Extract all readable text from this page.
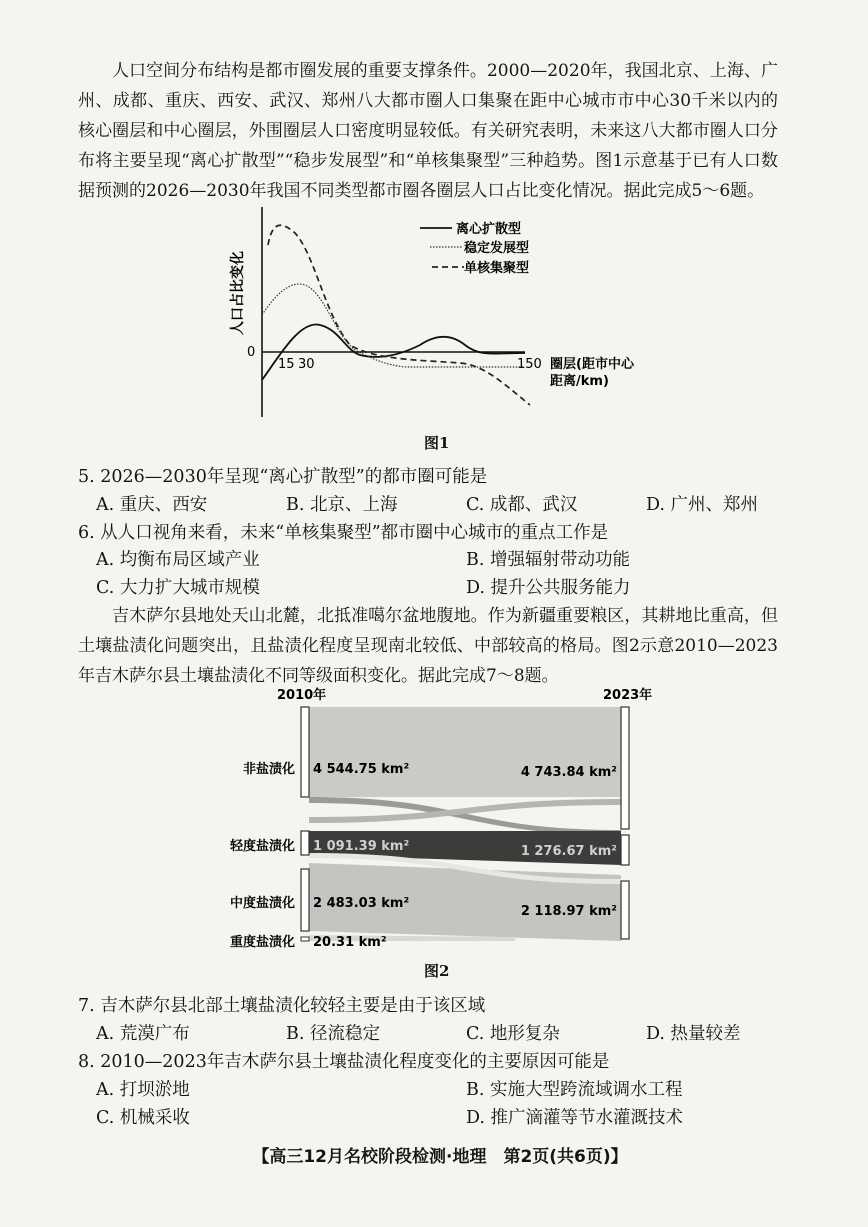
人口空间分布结构是都市圈发展的重要支撑条件。2000—2020年，我国北京、上海、广州、成都、重庆、西安、武汉、郑州八大都市圈人口集聚在距中心城市市中心30千米以内的核心圈层和中心圈层，外围圈层人口密度明显较低。有关研究表明，未来这八大都市圈人口分布将主要呈现“离心扩散型”“稳步发展型”和“单核集聚型”三种趋势。图1示意基于已有人口数据预测的2026—2030年我国不同类型都市圈各圈层人口占比变化情况。据此完成5～6题。

人口占比变化
0
15 30	150 圈层(距市中心
距离/km)
离心扩散型
稳定发展型
单核集聚型
图1

5. 2026—2030年呈现“离心扩散型”的都市圈可能是

A. 重庆、西安	B. 北京、上海	C. 成都、武汉	D. 广州、郑州

6. 从人口视角来看，未来“单核集聚型”都市圈中心城市的重点工作是

A. 均衡布局区域产业	B. 增强辐射带动功能
C. 大力扩大城市规模	D. 提升公共服务能力

吉木萨尔县地处天山北麓，北抵准噶尔盆地腹地。作为新疆重要粮区，其耕地比重高，但土壤盐渍化问题突出，且盐渍化程度呈现南北较低、中部较高的格局。图2示意2010—2023年吉木萨尔县土壤盐渍化不同等级面积变化。据此完成7～8题。

2010年	2023年
非盐渍化
轻度盐渍化
中度盐渍化
重度盐渍化
4 544.75 km²
1 091.39 km²
2 483.03 km²
20.31 km²
4 743.84 km²
1 276.67 km²
2 118.97 km²
图2

7. 吉木萨尔县北部土壤盐渍化较轻主要是由于该区域

A. 荒漠广布	B. 径流稳定	C. 地形复杂	D. 热量较差

8. 2010—2023年吉木萨尔县土壤盐渍化程度变化的主要原因可能是

A. 打坝淤地	B. 实施大型跨流域调水工程
C. 机械采收	D. 推广滴灌等节水灌溉技术
【高三12月名校阶段检测·地理　第2页(共6页)】
